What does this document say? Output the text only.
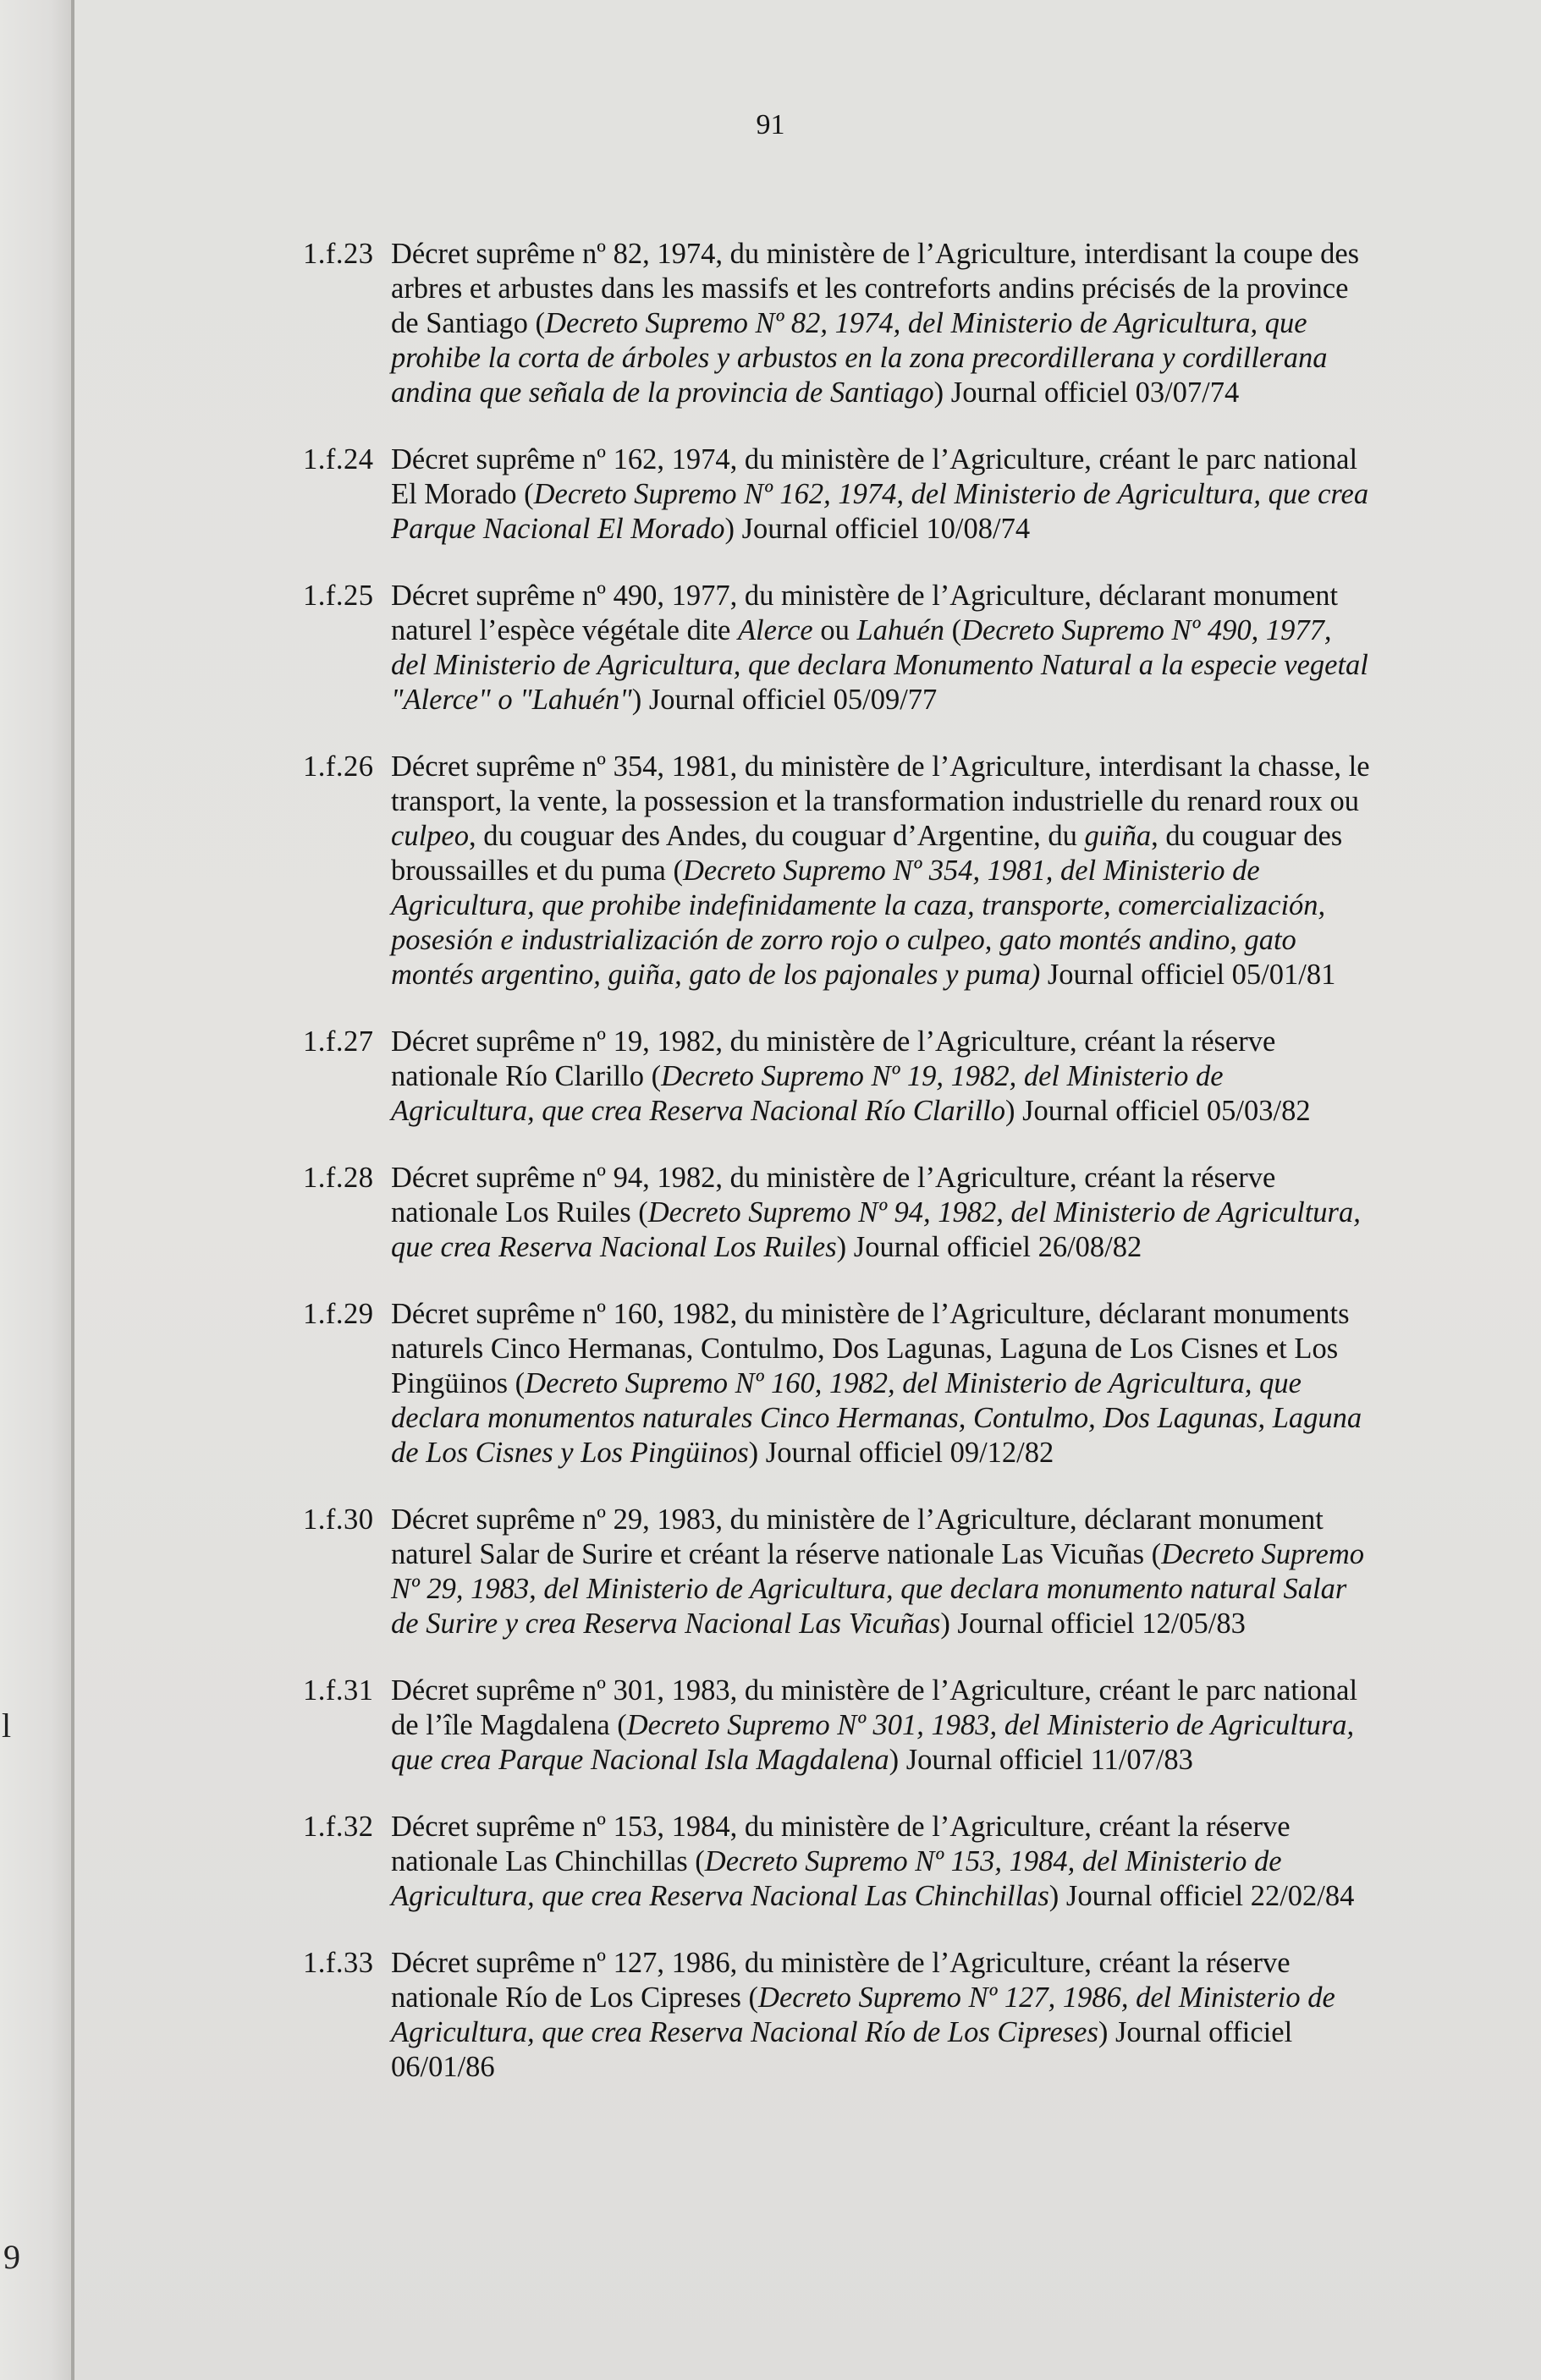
l
9
91
1.f.23 Décret suprême nº 82, 1974, du ministère de l’Agriculture, interdisant la coupe des arbres et arbustes dans les massifs et les contreforts andins précisés de la province de Santiago (Decreto Supremo Nº 82, 1974, del Ministerio de Agricultura, que prohibe la corta de árboles y arbustos en la zona precordillerana y cordillerana andina que señala de la provincia de Santiago) Journal officiel 03/07/74
1.f.24 Décret suprême nº 162, 1974, du ministère de l’Agriculture, créant le parc national El Morado (Decreto Supremo Nº 162, 1974, del Ministerio de Agricultura, que crea Parque Nacional El Morado) Journal officiel 10/08/74
1.f.25 Décret suprême nº 490, 1977, du ministère de l’Agriculture, déclarant monument naturel l’espèce végétale dite Alerce ou Lahuén (Decreto Supremo Nº 490, 1977, del Ministerio de Agricultura, que declara Monumento Natural a la especie vegetal "Alerce" o "Lahuén") Journal officiel 05/09/77
1.f.26 Décret suprême nº 354, 1981, du ministère de l’Agriculture, interdisant la chasse, le transport, la vente, la possession et la transformation industrielle du renard roux ou culpeo, du couguar des Andes, du couguar d’Argentine, du guiña, du couguar des broussailles et du puma (Decreto Supremo Nº 354, 1981, del Ministerio de Agricultura, que prohibe indefinidamente la caza, transporte, comercialización, posesión e industrialización de zorro rojo o culpeo, gato montés andino, gato montés argentino, guiña, gato de los pajonales y puma) Journal officiel 05/01/81
1.f.27 Décret suprême nº 19, 1982, du ministère de l’Agriculture, créant la réserve nationale Río Clarillo (Decreto Supremo Nº 19, 1982, del Ministerio de Agricultura, que crea Reserva Nacional Río Clarillo) Journal officiel 05/03/82
1.f.28 Décret suprême nº 94, 1982, du ministère de l’Agriculture, créant la réserve nationale Los Ruiles (Decreto Supremo Nº 94, 1982, del Ministerio de Agricultura, que crea Reserva Nacional Los Ruiles) Journal officiel 26/08/82
1.f.29 Décret suprême nº 160, 1982, du ministère de l’Agriculture, déclarant monuments naturels Cinco Hermanas, Contulmo, Dos Lagunas, Laguna de Los Cisnes et Los Pingüinos (Decreto Supremo Nº 160, 1982, del Ministerio de Agricultura, que declara monumentos naturales Cinco Hermanas, Contulmo, Dos Lagunas, Laguna de Los Cisnes y Los Pingüinos) Journal officiel 09/12/82
1.f.30 Décret suprême nº 29, 1983, du ministère de l’Agriculture, déclarant monument naturel Salar de Surire et créant la réserve nationale Las Vicuñas (Decreto Supremo Nº 29, 1983, del Ministerio de Agricultura, que declara monumento natural Salar de Surire y crea Reserva Nacional Las Vicuñas) Journal officiel 12/05/83
1.f.31 Décret suprême nº 301, 1983, du ministère de l’Agriculture, créant le parc national de l’île Magdalena (Decreto Supremo Nº 301, 1983, del Ministerio de Agricultura, que crea Parque Nacional Isla Magdalena) Journal officiel 11/07/83
1.f.32 Décret suprême nº 153, 1984, du ministère de l’Agriculture, créant la réserve nationale Las Chinchillas (Decreto Supremo Nº 153, 1984, del Ministerio de Agricultura, que crea Reserva Nacional Las Chinchillas) Journal officiel 22/02/84
1.f.33 Décret suprême nº 127, 1986, du ministère de l’Agriculture, créant la réserve nationale Río de Los Cipreses (Decreto Supremo Nº 127, 1986, del Ministerio de Agricultura, que crea Reserva Nacional Río de Los Cipreses) Journal officiel 06/01/86
